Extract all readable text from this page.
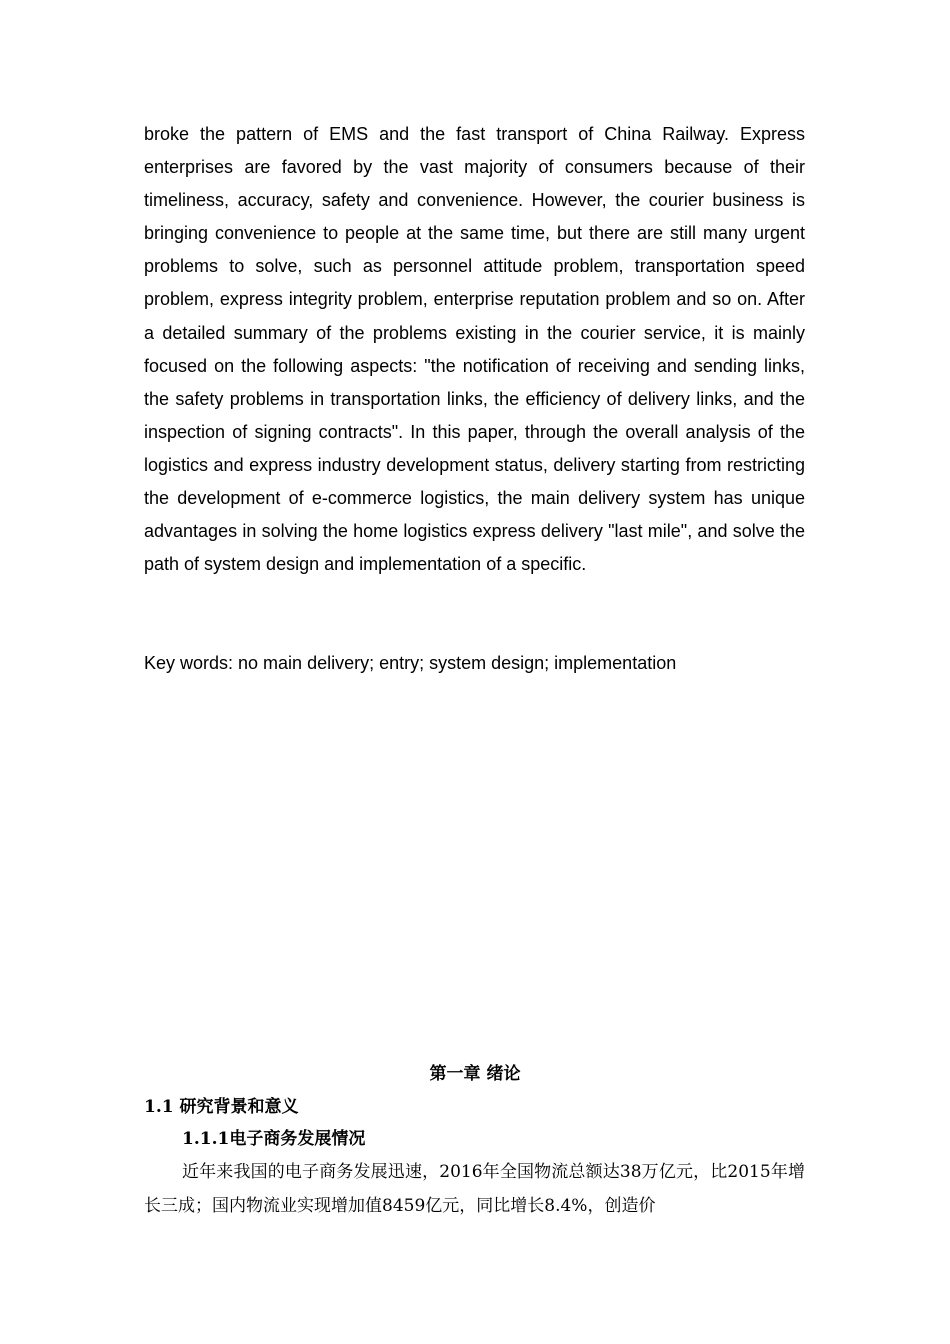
broke the pattern of EMS and the fast transport of China Railway. Express enterprises are favored by the vast majority of consumers because of their timeliness, accuracy, safety and convenience. However, the courier business is bringing convenience to people at the same time, but there are still many urgent problems to solve, such as personnel attitude problem, transportation speed problem, express integrity problem, enterprise reputation problem and so on. After a detailed summary of the problems existing in the courier service, it is mainly focused on the following aspects: "the notification of receiving and sending links, the safety problems in transportation links, the efficiency of delivery links, and the inspection of signing contracts". In this paper, through the overall analysis of the logistics and express industry development status, delivery starting from restricting the development of e-commerce logistics, the main delivery system has unique advantages in solving the home logistics express delivery "last mile", and solve the path of system design and implementation of a specific.

Key words: no main delivery; entry; system design; implementation

第一章 绪论
1.1 研究背景和意义
1.1.1电子商务发展情况

近年来我国的电子商务发展迅速，2016年全国物流总额达38万亿元，比2015年增长三成；国内物流业实现增加值8459亿元，同比增长8.4%，创造价
